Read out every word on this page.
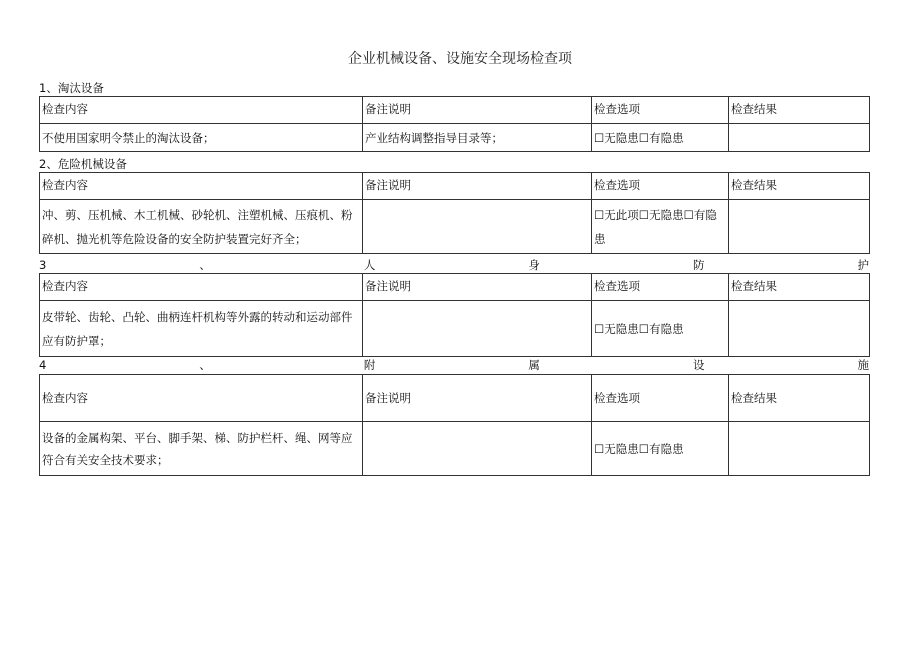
企业机械设备、设施安全现场检查项
1、淘汰设备
检查内容	备注说明	检查选项	检查结果
不使用国家明令禁止的淘汰设备；	产业结构调整指导目录等；	☐无隐患☐有隐患	
2、危险机械设备
检查内容	备注说明	检查选项	检查结果
冲、剪、压机械、木工机械、砂轮机、注塑机械、压痕机、粉碎机、抛光机等危险设备的安全防护装置完好齐全；		☐无此项☐无隐患☐有隐患	
3	、	人	身	防	护
检查内容	备注说明	检查选项	检查结果
皮带轮、齿轮、凸轮、曲柄连杆机构等外露的转动和运动部件应有防护罩；		☐无隐患☐有隐患	
4	、	附	属	设	施
检查内容	备注说明	检查选项	检查结果
设备的金属构架、平台、脚手架、梯、防护栏杆、绳、网等应符合有关安全技术要求；		☐无隐患☐有隐患	
